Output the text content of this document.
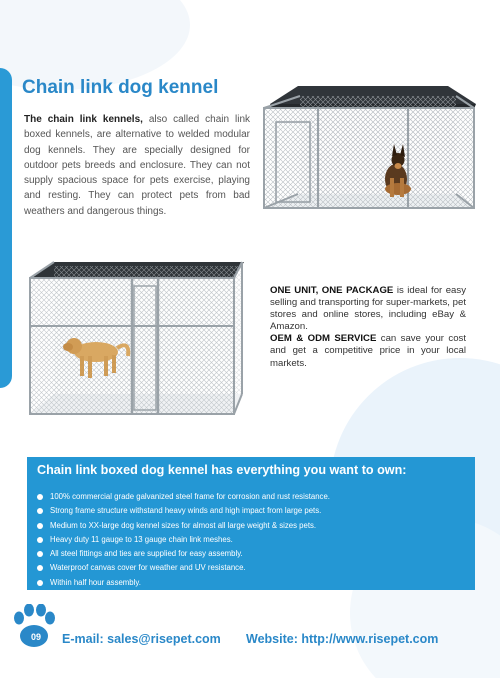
Chain link dog kennel

The chain link kennels, also called chain link boxed kennels, are alternative to welded modular dog kennels. They are specially designed for outdoor pets breeds and enclosure. They can not supply spacious space for pets exercise, playing and resting. They can protect pets from bad weathers and dangerous things.

ONE UNIT, ONE PACKAGE is ideal for easy selling and transporting for super-markets, pet stores and online stores, including eBay & Amazon.
OEM & ODM SERVICE can save your cost and get a competitive price in your local markets.

Chain link boxed dog kennel has everything you want to own:
100% commercial grade galvanized steel frame for corrosion and rust resistance.
Strong frame structure withstand heavy winds and high impact from large pets.
Medium to XX-large dog kennel sizes for almost all large weight & sizes pets.
Heavy duty 11 gauge to 13 gauge chain link meshes.
All steel fittings and ties are supplied for easy assembly.
Waterproof canvas cover for weather and UV resistance.
Within half hour assembly.
09	E-mail: sales@risepet.com Website: http://www.risepet.com
